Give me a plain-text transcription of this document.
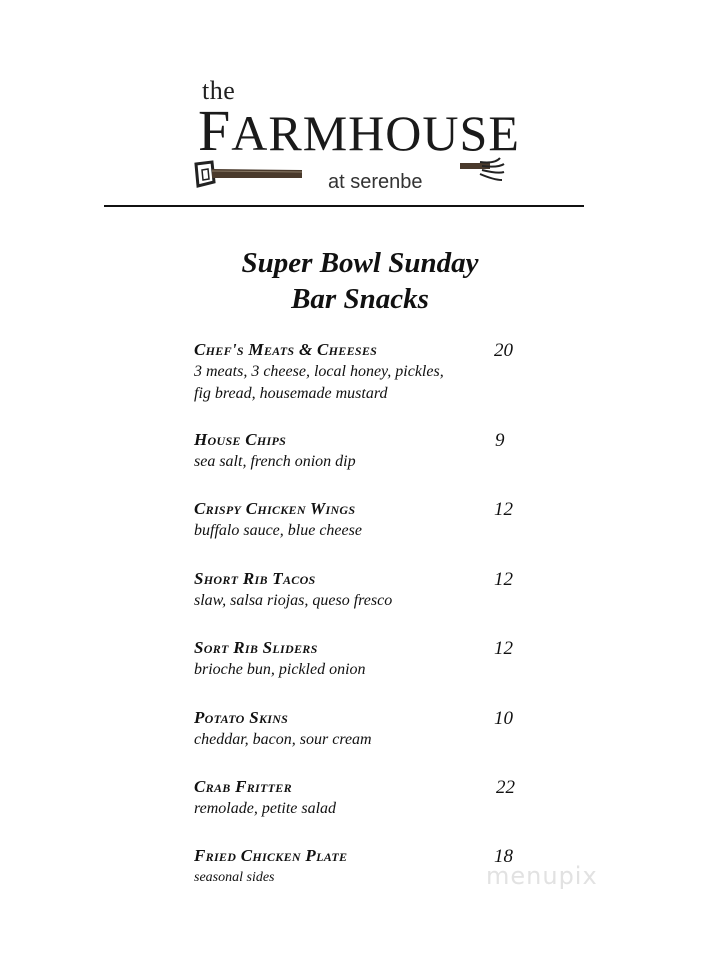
the
FARMHOUSE
at serenbe
Super Bowl Sunday
Bar Snacks
Chef's Meats & Cheeses	20
3 meats, 3 cheese, local honey, pickles,
fig bread, housemade mustard
House Chips	9
sea salt, french onion dip
Crispy Chicken Wings	12
buffalo sauce, blue cheese
Short Rib Tacos	12
slaw, salsa riojas, queso fresco
Sort Rib Sliders	12
brioche bun, pickled onion
Potato Skins	10
cheddar, bacon, sour cream
Crab Fritter	22
remolade, petite salad
Fried Chicken Plate	18
seasonal sides	menupix
